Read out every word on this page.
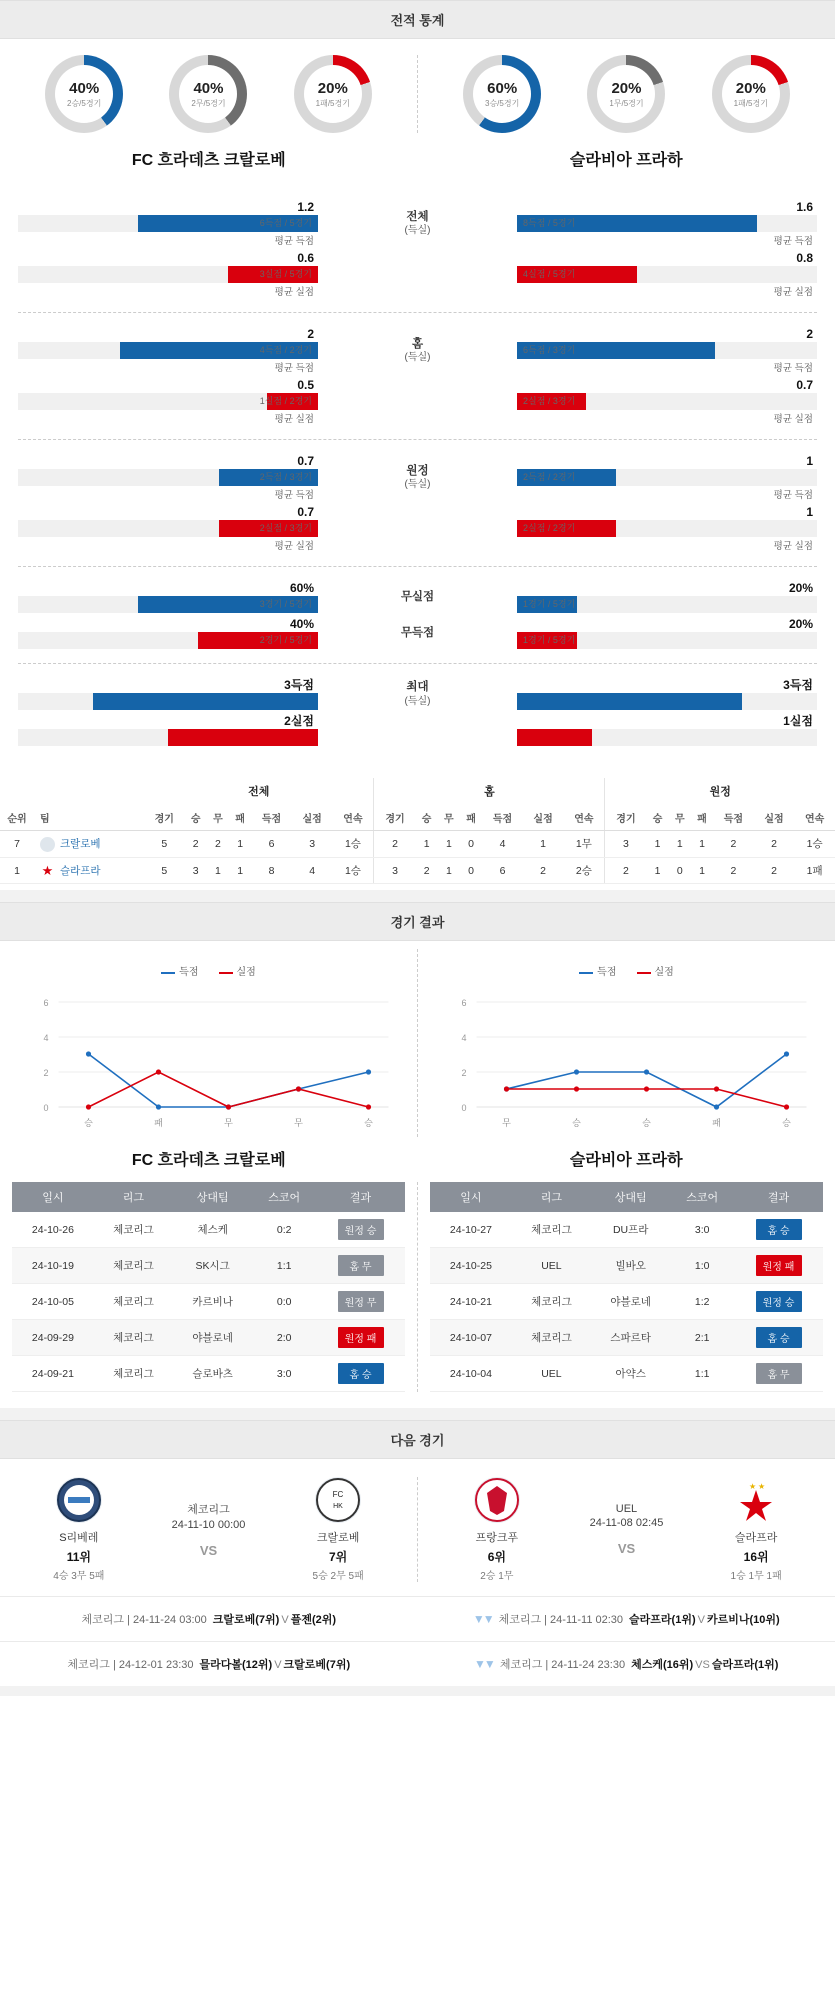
전적 통계
40%
2승/5경기
40%
2무/5경기
20%
1패/5경기
60%
3승/5경기
20%
1무/5경기
20%
1패/5경기
FC 흐라데츠 크랄로베	슬라비아 프라하
1.2
6득점 / 5경기
평균 득점
전체
(득실)
1.6
8득점 / 5경기
평균 득점
0.6
3실점 / 5경기
평균 실점
0.8
4실점 / 5경기
평균 실점
2
4득점 / 2경기
평균 득점
홈
(득실)
2
6득점 / 3경기
평균 득점
0.5
1실점 / 2경기
평균 실점
0.7
2실점 / 3경기
평균 실점
0.7
2득점 / 3경기
평균 득점
원정
(득실)
1
2득점 / 2경기
평균 득점
0.7
2실점 / 3경기
평균 실점
1
2실점 / 2경기
평균 실점
60%
3경기 / 5경기
무실점
20%
1경기 / 5경기
40%
2경기 / 5경기
무득점
20%
1경기 / 5경기
3득점	최대
(득실)
3득점
2실점	1실점
		전체							홈							원정						
순위	팀	경기	승	무	패	득점	실점	연속	경기	승	무	패	득점	실점	연속	경기	승	무	패	득점	실점	연속
7	크랄로베	5	2	2	1	6	3	1승	2	1	1	0	4	1	1무	3	1	1	1	2	2	1승
1	★ 슬라프라	5	3	1	1	8	4	1승	3	2	1	0	6	2	2승	2	1	0	1	2	2	1패
경기 결과
득점	실점
6
4
2
0
승	패	무	무	승
득점	실점
6
4
2
0
무	승	승	패	승
FC 흐라데츠 크랄로베	슬라비아 프라하
일시	리그	상대팀	스코어	결과
24-10-26	체코리그	체스케	0:2	원정 승
24-10-19	체코리그	SK시그	1:1	홈 무
24-10-05	체코리그	카르비나	0:0	원정 무
24-09-29	체코리그	야블로네	2:0	원정 패
24-09-21	체코리그	슬로바츠	3:0	홈 승
일시	리그	상대팀	스코어	결과
24-10-27	체코리그	DU프라	3:0	홈 승
24-10-25	UEL	빌바오	1:0	원정 패
24-10-21	체코리그	야블로네	1:2	원정 승
24-10-07	체코리그	스파르타	2:1	홈 승
24-10-04	UEL	아약스	1:1	홈 무
다음 경기
S리베레
11위
4승 3무 5패
체코리그
24-11-10 00:00
VS
FC
HK
크랄로베
7위
5승 2무 5패
프랑크푸
6위
2승 1무
UEL
24-11-08 02:45
VS
★ ★
슬라프라
16위
1승 1무 1패
체코리그 | 24-11-24 03:00 크랄로베(7위) V 플젠(2위)	▼▼ 체코리그 | 24-11-11 02:30 슬라프라(1위) V 카르비나(10위)
체코리그 | 24-12-01 23:30 믈라다볼(12위) V 크랄로베(7위)	▼▼ 체코리그 | 24-11-24 23:30 체스케(16위) VS 슬라프라(1위)
